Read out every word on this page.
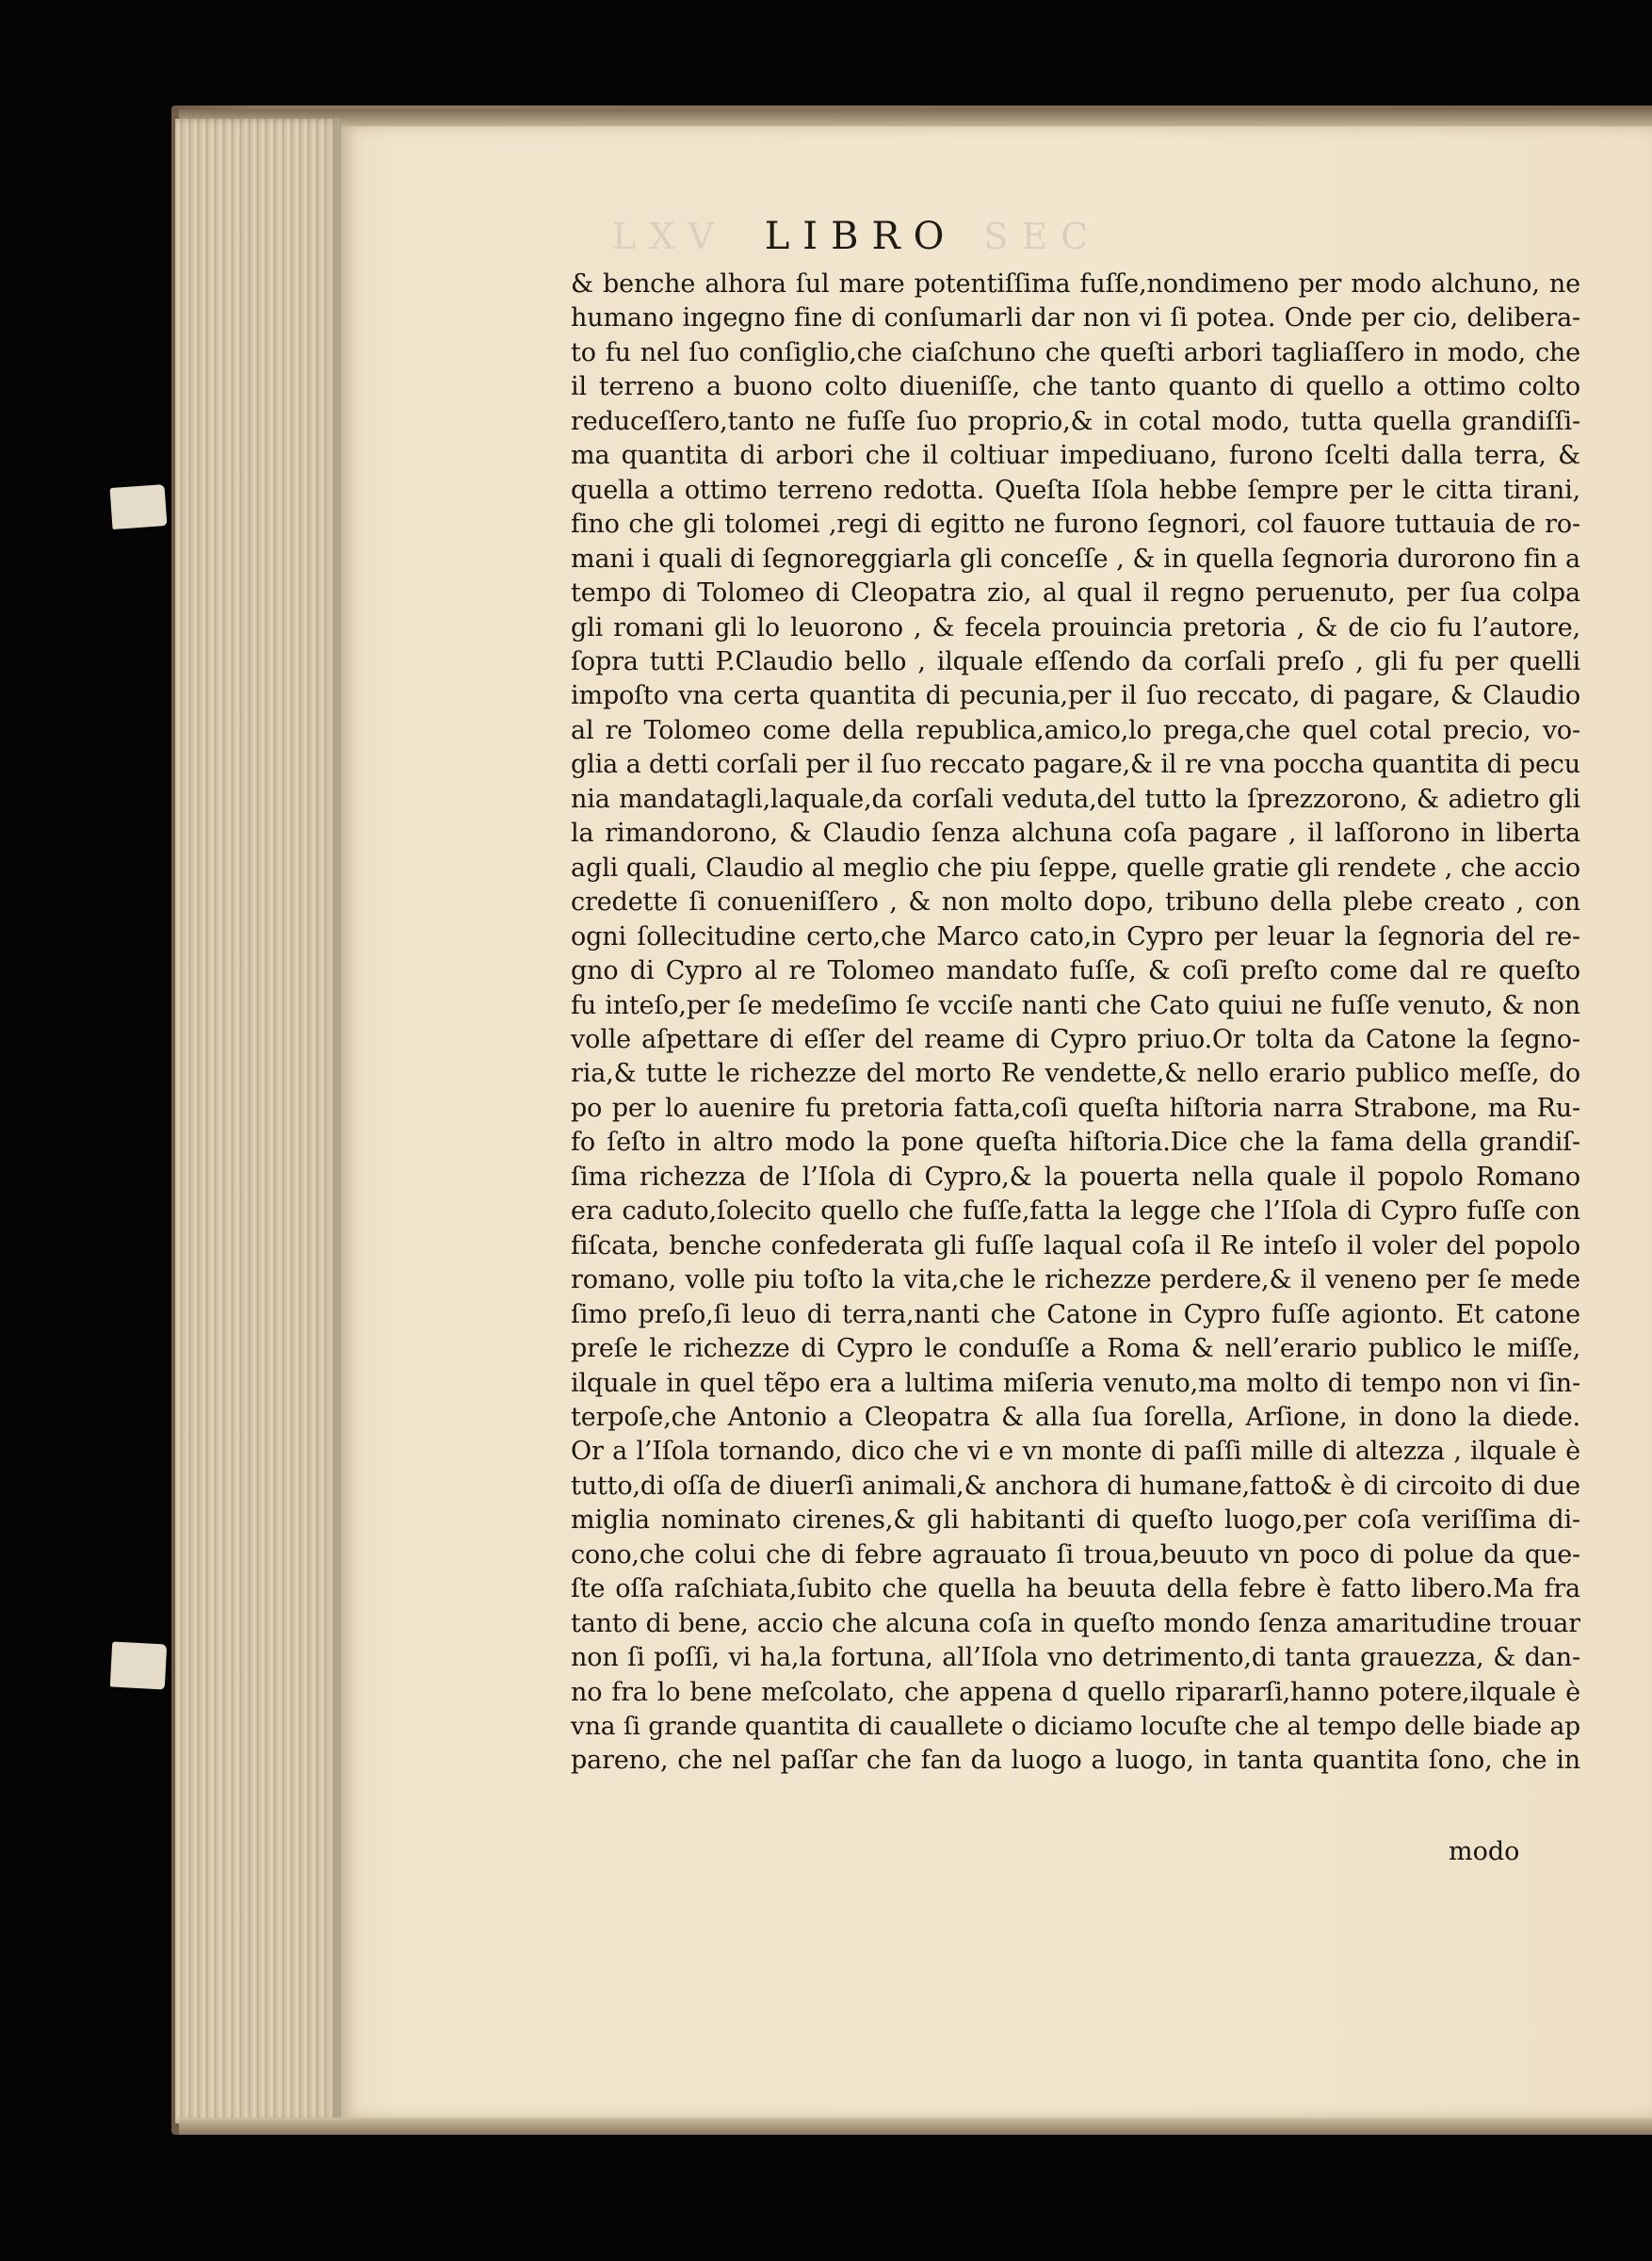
LXV LIBRO SEC
& benche alhora ſul mare potentiſſima fuſſe,nondimeno per modo alchuno, ne
humano ingegno fine di conſumarli dar non vi ſi potea. Onde per cio, delibera-
to fu nel ſuo conſiglio,che ciaſchuno che queſti arbori tagliaſſero in modo, che
il terreno a buono colto diueniſſe, che tanto quanto di quello a ottimo colto
reduceſſero,tanto ne fuſſe ſuo proprio,& in cotal modo, tutta quella grandiſſi-
ma quantita di arbori che il coltiuar impediuano, furono ſcelti dalla terra, &
quella a ottimo terreno redotta. Queſta Iſola hebbe ſempre per le citta tirani,
fino che gli tolomei ,regi di egitto ne furono ſegnori, col fauore tuttauia de ro-
mani i quali di ſegnoreggiarla gli conceſſe , & in quella ſegnoria durorono fin a
tempo di Tolomeo di Cleopatra zio, al qual il regno peruenuto, per ſua colpa
gli romani gli lo leuorono , & fecela prouincia pretoria , & de cio fu l’autore,
ſopra tutti P.Claudio bello , ilquale eſſendo da corſali preſo , gli fu per quelli
impoſto vna certa quantita di pecunia,per il ſuo reccato, di pagare, & Claudio
al re Tolomeo come della republica,amico,lo prega,che quel cotal precio, vo-
glia a detti corſali per il ſuo reccato pagare,& il re vna poccha quantita di pecu
nia mandatagli,laquale,da corſali veduta,del tutto la ſprezzorono, & adietro gli
la rimandorono, & Claudio ſenza alchuna coſa pagare , il laſſorono in liberta
agli quali, Claudio al meglio che piu ſeppe, quelle gratie gli rendete , che accio
credette ſi conueniſſero , & non molto dopo, tribuno della plebe creato , con
ogni ſollecitudine certo,che Marco cato,in Cypro per leuar la ſegnoria del re-
gno di Cypro al re Tolomeo mandato fuſſe, & coſi preſto come dal re queſto
fu inteſo,per ſe medeſimo ſe vcciſe nanti che Cato quiui ne fuſſe venuto, & non
volle aſpettare di eſſer del reame di Cypro priuo.Or tolta da Catone la ſegno-
ria,& tutte le richezze del morto Re vendette,& nello erario publico meſſe, do
po per lo auenire fu pretoria fatta,coſi queſta hiſtoria narra Strabone, ma Ru-
fo ſeſto in altro modo la pone queſta hiſtoria.Dice che la fama della grandiſ-
ſima richezza de l’Iſola di Cypro,& la pouerta nella quale il popolo Romano
era caduto,ſolecito quello che fuſſe,fatta la legge che l’Iſola di Cypro fuſſe con
fiſcata, benche confederata gli fuſſe laqual coſa il Re inteſo il voler del popolo
romano, volle piu toſto la vita,che le richezze perdere,& il veneno per ſe mede
ſimo preſo,ſi leuo di terra,nanti che Catone in Cypro fuſſe agionto. Et catone
preſe le richezze di Cypro le conduſſe a Roma & nell’erario publico le miſſe,
ilquale in quel tẽpo era a lultima miſeria venuto,ma molto di tempo non vi ſin-
terpoſe,che Antonio a Cleopatra & alla ſua ſorella, Arſione, in dono la diede.
Or a l’Iſola tornando, dico che vi e vn monte di paſſi mille di altezza , ilquale è
tutto,di oſſa de diuerſi animali,& anchora di humane,fatto& è di circoito di due
miglia nominato cirenes,& gli habitanti di queſto luogo,per coſa veriſſima di-
cono,che colui che di febre agrauato ſi troua,beuuto vn poco di polue da que-
ſte oſſa raſchiata,ſubito che quella ha beuuta della febre è fatto libero.Ma fra
tanto di bene, accio che alcuna coſa in queſto mondo ſenza amaritudine trouar
non ſi poſſi, vi ha,la fortuna, all’Iſola vno detrimento,di tanta grauezza, & dan-
no fra lo bene meſcolato, che appena d quello ripararſi,hanno potere,ilquale è
vna ſi grande quantita di cauallete o diciamo locuſte che al tempo delle biade ap
pareno, che nel paſſar che fan da luogo a luogo, in tanta quantita ſono, che in
modo
